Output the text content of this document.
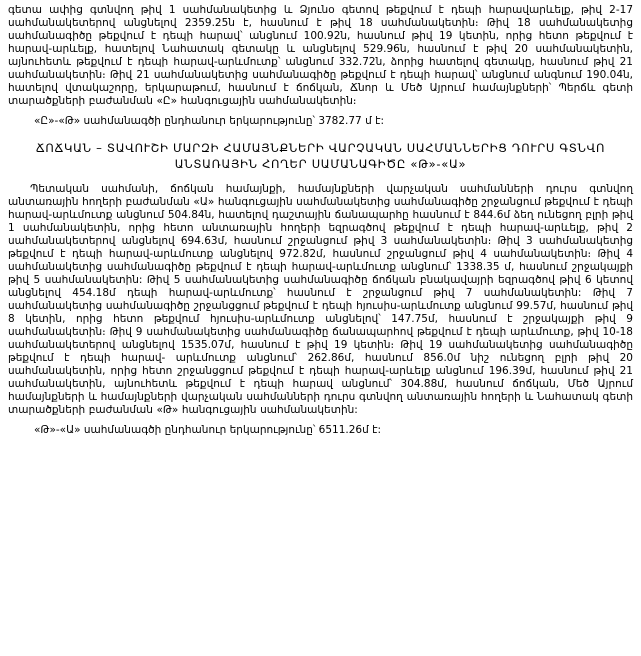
գետա ափից գտնվող թիվ 1 սահմանակետից և Ձյունօ գետով թեքվում է դեպի հարավարևելք, թիվ 2-17 սահմանակետերով անցնելով 2359.25ն է, հասնում է թիվ 18 սահմանակետին։ Թիվ 18 սահմանակետից սահմանագիծը թեքվում է դեպի հարավ՝ անցնում 100.92ն, հասնում թիվ 19 կետին, որից հետո թեքվում է հարավ-արևելք, հատելով Նահատակ գետակը և անցնելով 529.96ն, հասնում է թիվ 20 սահմանակետին, այնուհետև թեքվում է դեպի հարավ-արևմուտք՝ անցնում 332.72ն, ձորից հատելով գետակը, հասնում թիվ 21 սահմանակետին։ Թիվ 21 սահմանակետից սահմանագիծը թեքվում է դեպի հարավ՝ անցնում անգնում 190.04ն, հատելով վտակաշորը, երկարաթում, հասնում է ճոճկան, Ճնոր և Մեծ Այրում համայնքների՝ Պերճև գետի տարածքների բաժանման «Ը» հանգուցային սահմանակետին։

«Ը»-«Թ» սահմանագծի ընդհանուր երկարությունը՝ 3782.77 մ է:

ՃՈՃԿԱՆ – ՏԱՎՈՒՇԻ ՄԱՐԶԻ ՀԱՄԱՅՆՔՆԵՐԻ ՎԱՐՉԱԿԱՆ ՍԱՀՄԱՆՆԵՐԻՑ ԴՈՒՐՍ ԳՏՆՎՈ
ԱՆՏԱՌԱՅԻՆ ՀՈՂԵՐ ՍԱՄԱՆԱԳԻԾԸ «Թ»-«Ա»

Պետական սահմանի, ճոճկան համայնքի, համայնքների վարչական սահմանների դուրս գտնվող անտառային հողերի բաժանման «Ա» հանգուցային սահմանակետից սահմանագիծը շրջանցում թեքվում է դեպի հարավ-արևմուտք անցնում 504.84ն, հատելով դաշտային ճանապարհը հասնում է 844.6մ ձեղ ունեցող բլրի թիվ 1 սահմանակետին, որից հետո անտառային հողերի եզրագծով թեքվում է դեպի հարավ-արևելք, թիվ 2 սահմանակետերով անցնելով 694.63մ, հասնում շրջանցում թիվ 3 սահմանակետին։ Թիվ 3 սահմանակետից թեքվում է դեպի հարավ-արևմուտք անցնելով 972.82մ, հասնում շրջանցում թիվ 4 սահմանակետին։ Թիվ 4 սահմանակետից սահմանագիծը թեքվում է դեպի հարավ-արևմուտք անցնում՝ 1338.35 մ, հասնում շրջակայքի թիվ 5 սահմանակետին: Թիվ 5 սահմանակետից սահմանագիծը ճոճկան բնակավայրի եզրագծով թիվ 6 կետով անցնելով 454.18մ դեպի հարավ-արևմուտք՝ հասնում է շրջանցում թիվ 7 սահմանակետին: Թիվ 7 սահմանակետից սահմանագիծը շրջանցցում թեքվում է դեպի հյուսիս-արևմուտք անցնում 99.57մ, հասնում թիվ 8 կետին, որից հետո թեքվում հյուսիս-արևմուտք անցնելով՝ 147.75մ, հասնում է շրջակայքի թիվ 9 սահմանակետին։ Թիվ 9 սահմանակետից սահմանագիծը ճանապարհով թեքվում է դեպի արևմուտք, թիվ 10-18 սահմանակետերով անցնելով 1535.07մ, հասնում է թիվ 19 կետին։ Թիվ 19 սահմանակետից սահմանագիծը թեքվում է դեպի հարավ- արևմուտք անցնում՝ 262.86մ, հասնում 856.0մ նիշ ունեցող բլրի թիվ 20 սահմանակետին, որից հետո շրջանցցում թեքվում է դեպի հարավ-արևելք անցնում 196.39մ, հասնում թիվ 21 սահմանակետին, այնուհետև թեքվում է դեպի հարավ անցնում՝ 304.88մ, հասնում ճոճկան, Մեծ Այրում համայնքների և համայնքների վարչական սահմանների դուրս գտնվող անտառային հողերի և Նահատակ գետի տարածքների բաժանման «Թ» հանգուցային սահմանակետին:

«Թ»-«Ա» սահմանագծի ընդհանուր երկարությունը՝ 6511.26մ է:
